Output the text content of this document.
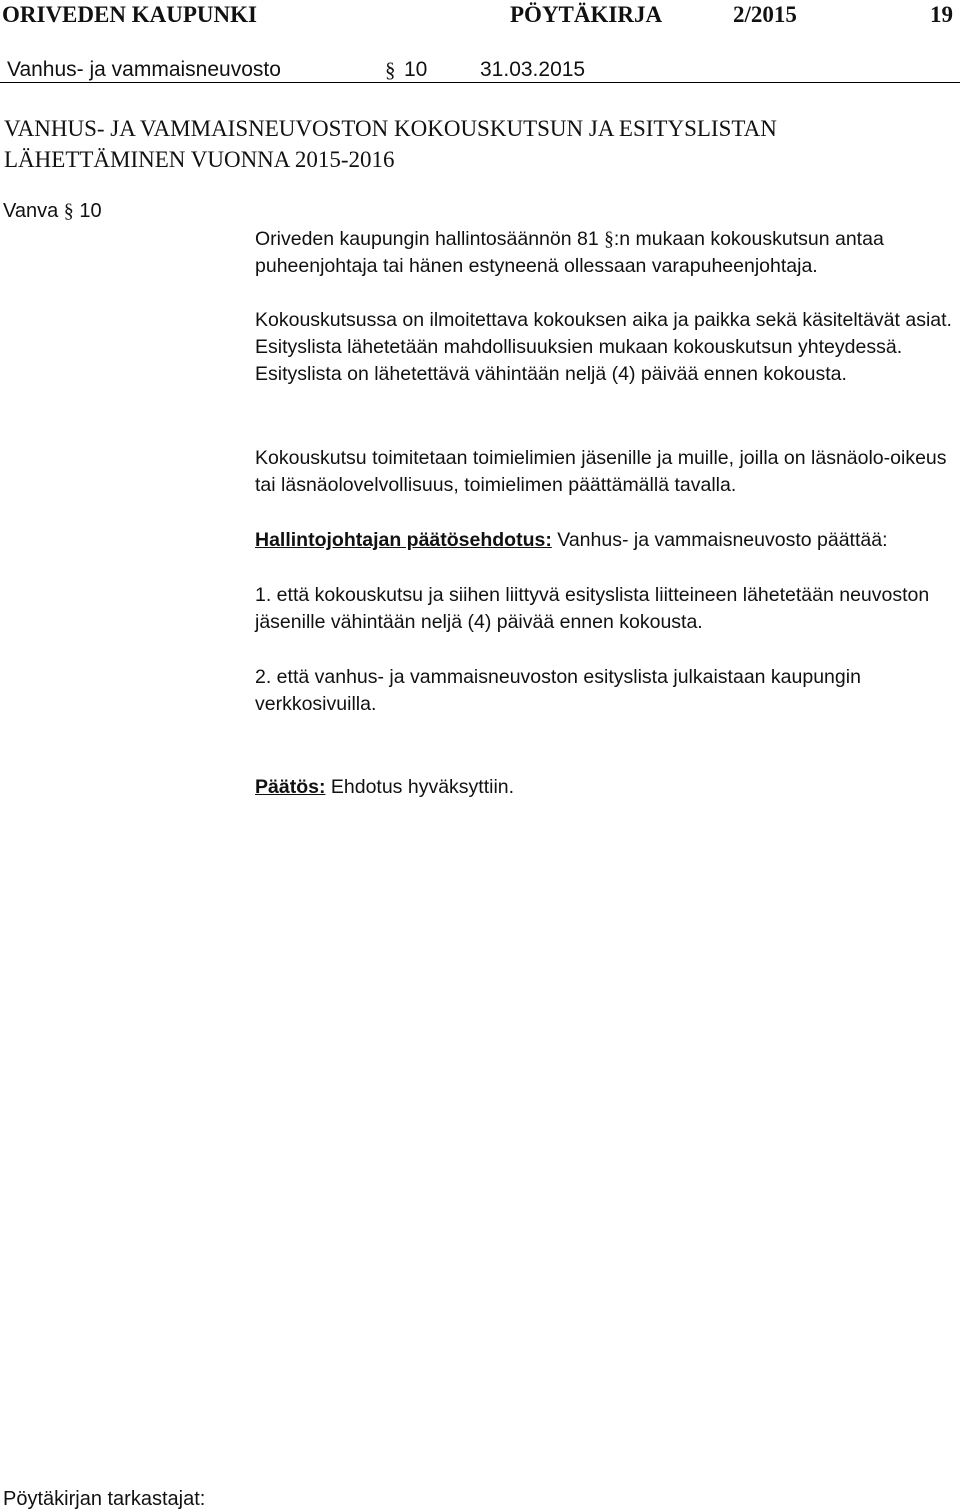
ORIVEDEN KAUPUNKI	PÖYTÄKIRJA	2/2015	19
Vanhus- ja vammaisneuvosto	§ 10	31.03.2015
VANHUS- JA VAMMAISNEUVOSTON KOKOUSKUTSUN JA ESITYSLISTAN
LÄHETTÄMINEN VUONNA 2015-2016
Vanva § 10

Oriveden kaupungin hallintosäännön 81 §:n mukaan kokouskutsun antaa puheenjohtaja tai hänen estyneenä ollessaan varapuheenjohtaja.

Kokouskutsussa on ilmoitettava kokouksen aika ja paikka sekä käsiteltävät asiat. Esityslista lähetetään mahdollisuuksien mukaan kokouskutsun yhteydessä. Esityslista on lähetettävä vähintään neljä (4) päivää ennen kokousta.

Kokouskutsu toimitetaan toimielimien jäsenille ja muille, joilla on läsnäolo-oikeus tai läsnäolovelvollisuus, toimielimen päättämällä tavalla.

Hallintojohtajan päätösehdotus: Vanhus- ja vammaisneuvosto päättää:

1. että kokouskutsu ja siihen liittyvä esityslista liitteineen lähetetään neuvoston jäsenille vähintään neljä (4) päivää ennen kokousta.

2. että vanhus- ja vammaisneuvoston esityslista julkaistaan kaupungin verkkosivuilla.

Päätös: Ehdotus hyväksyttiin.

Pöytäkirjan tarkastajat:
